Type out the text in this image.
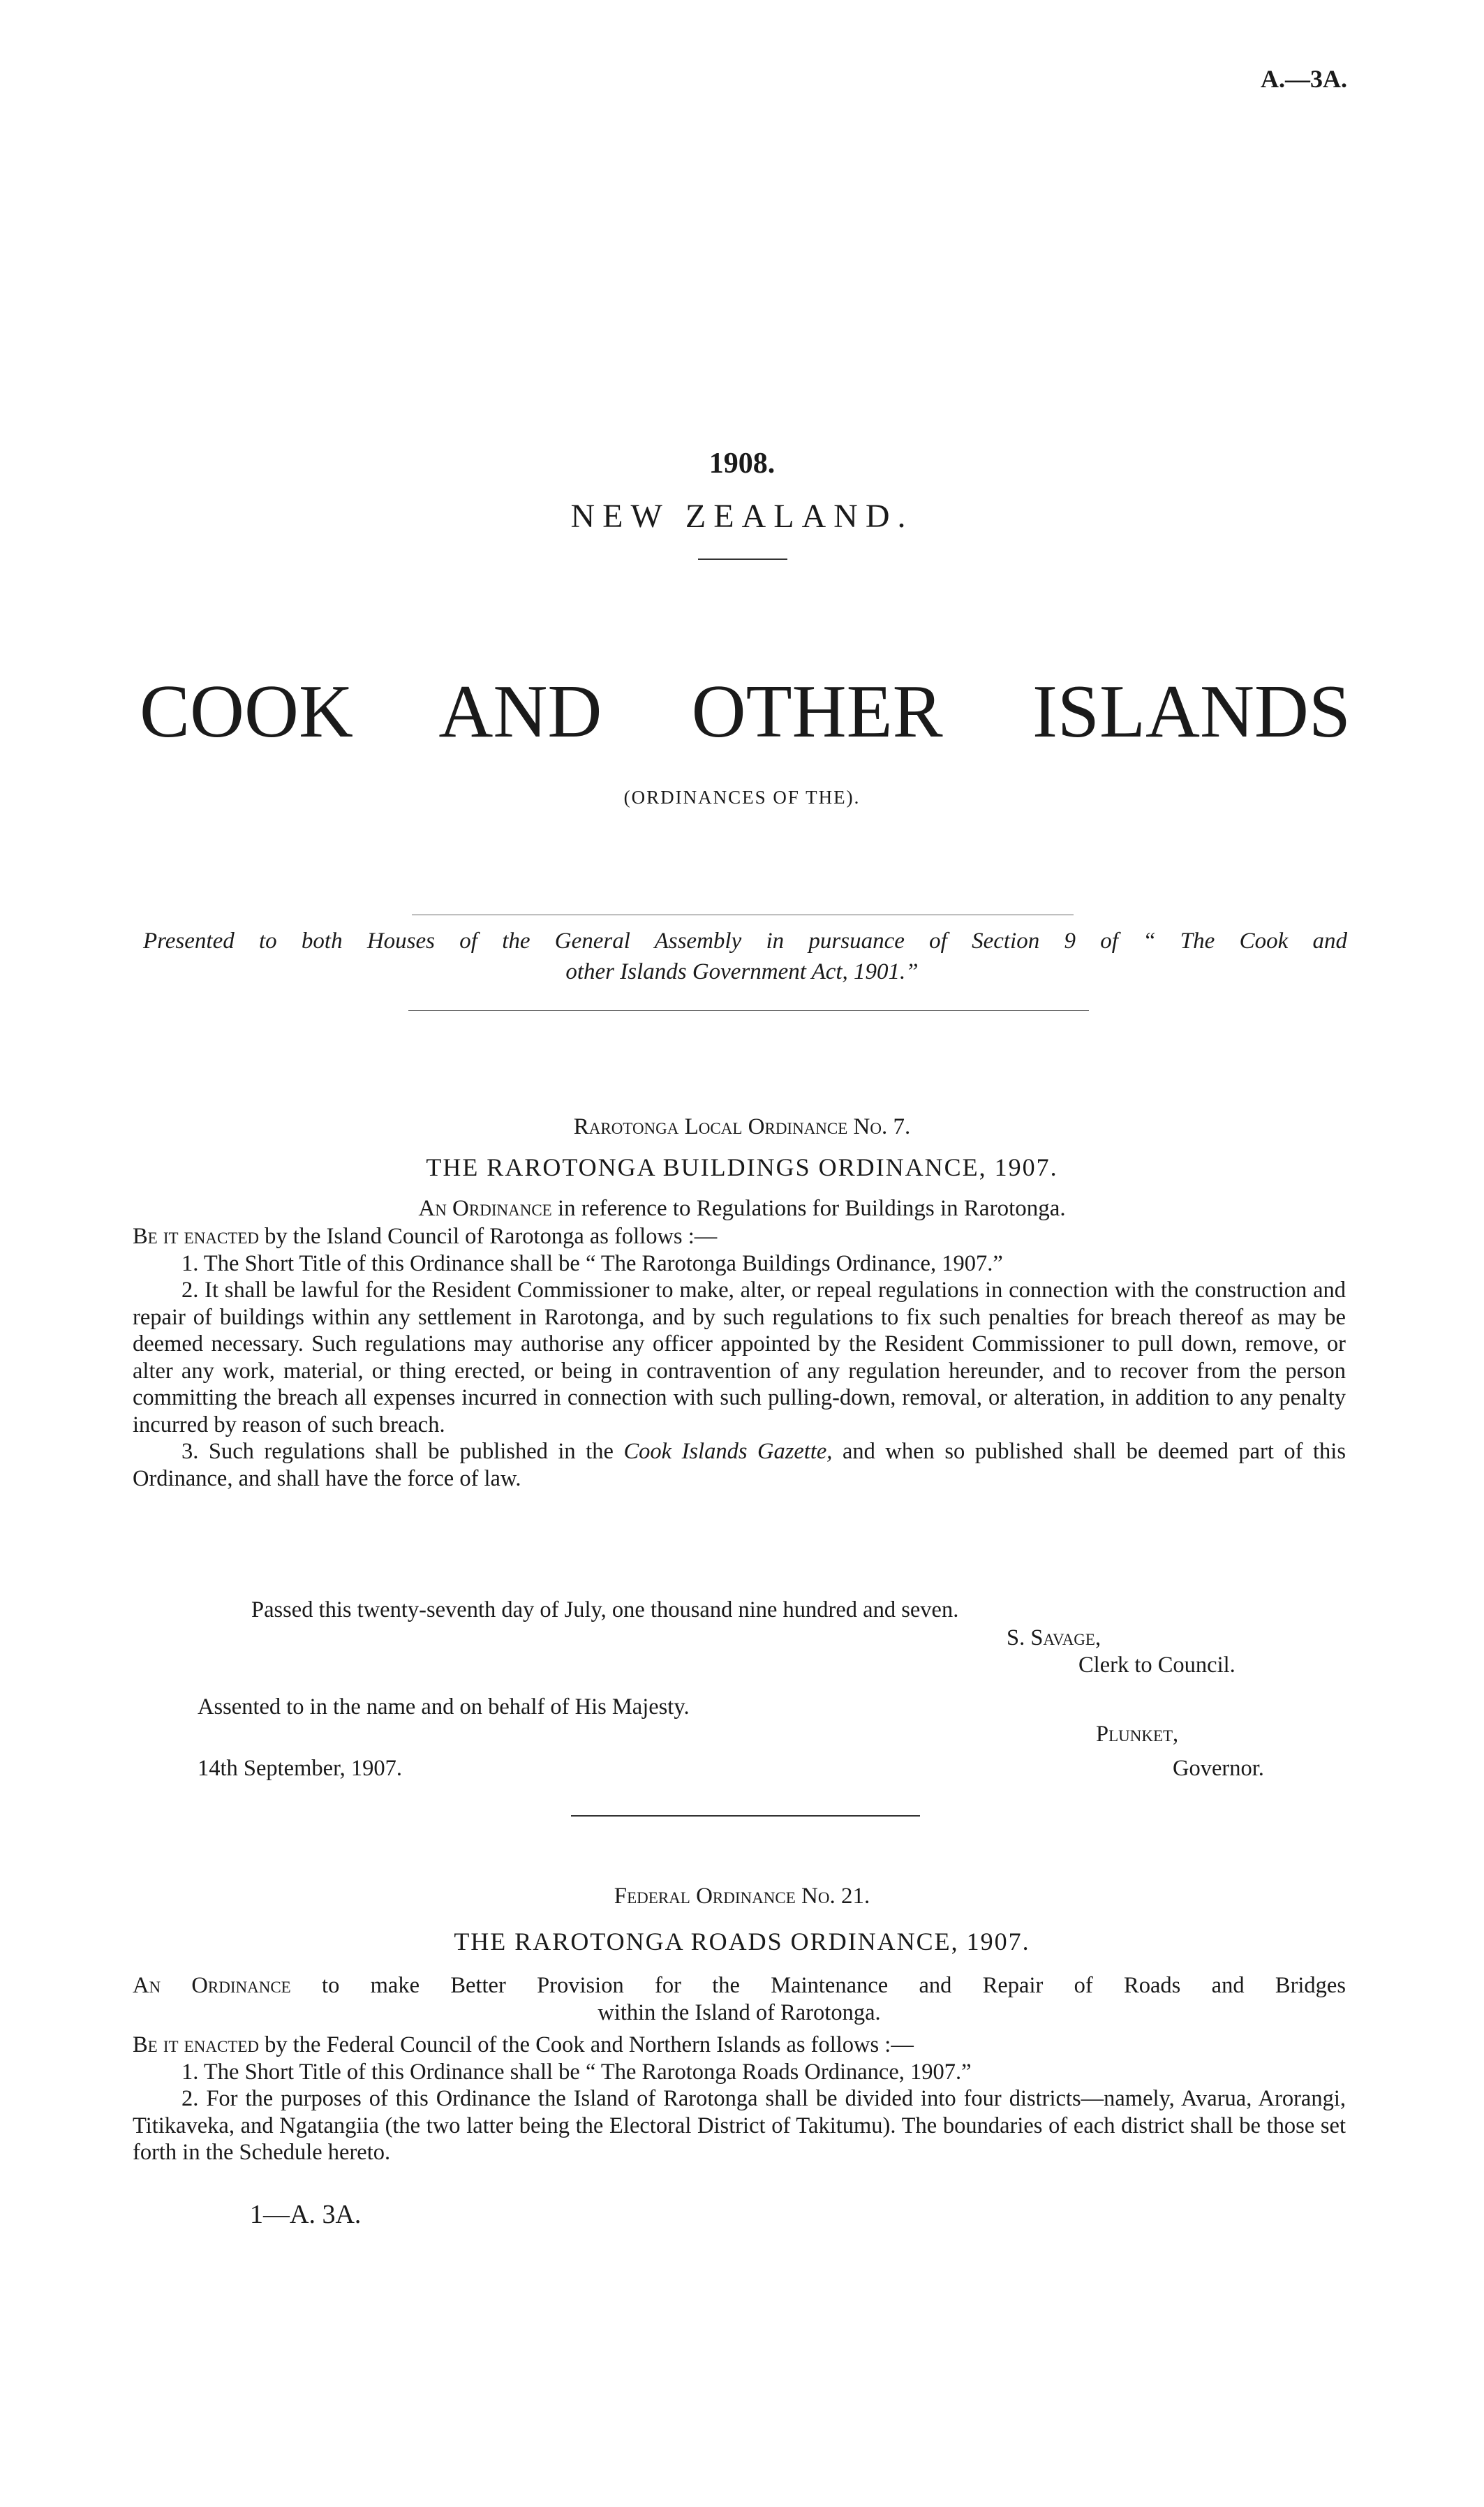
A.—3A.
1908.
NEW ZEALAND.
COOK AND OTHER ISLANDS
(ORDINANCES OF THE).
Presented to both Houses of the General Assembly in pursuance of Section 9 of “ The Cook and
other Islands Government Act, 1901.”
Rarotonga Local Ordinance No. 7.
THE RAROTONGA BUILDINGS ORDINANCE, 1907.
An Ordinance in reference to Regulations for Buildings in Rarotonga.

Be it enacted by the Island Council of Rarotonga as follows :—

1. The Short Title of this Ordinance shall be “ The Rarotonga Buildings Ordinance, 1907.”

2. It shall be lawful for the Resident Commissioner to make, alter, or repeal regulations in connection with the construction and repair of buildings within any settlement in Rarotonga, and by such regulations to fix such penalties for breach thereof as may be deemed necessary. Such regulations may authorise any officer appointed by the Resident Commissioner to pull down, remove, or alter any work, material, or thing erected, or being in contravention of any regulation hereunder, and to recover from the person committing the breach all expenses incurred in connection with such pulling-down, removal, or alteration, in addition to any penalty incurred by reason of such breach.

3. Such regulations shall be published in the Cook Islands Gazette, and when so published shall be deemed part of this Ordinance, and shall have the force of law.

Passed this twenty-seventh day of July, one thousand nine hundred and seven.
S. Savage,
Clerk to Council.
Assented to in the name and on behalf of His Majesty.
Plunket,
14th September, 1907.	Governor.
Federal Ordinance No. 21.
THE RAROTONGA ROADS ORDINANCE, 1907.

An Ordinance to make Better Provision for the Maintenance and Repair of Roads and Bridges

within the Island of Rarotonga.

Be it enacted by the Federal Council of the Cook and Northern Islands as follows :—

1. The Short Title of this Ordinance shall be “ The Rarotonga Roads Ordinance, 1907.”

2. For the purposes of this Ordinance the Island of Rarotonga shall be divided into four districts—namely, Avarua, Arorangi, Titikaveka, and Ngatangiia (the two latter being the Electoral District of Takitumu). The boundaries of each district shall be those set forth in the Schedule hereto.

1—A. 3A.
